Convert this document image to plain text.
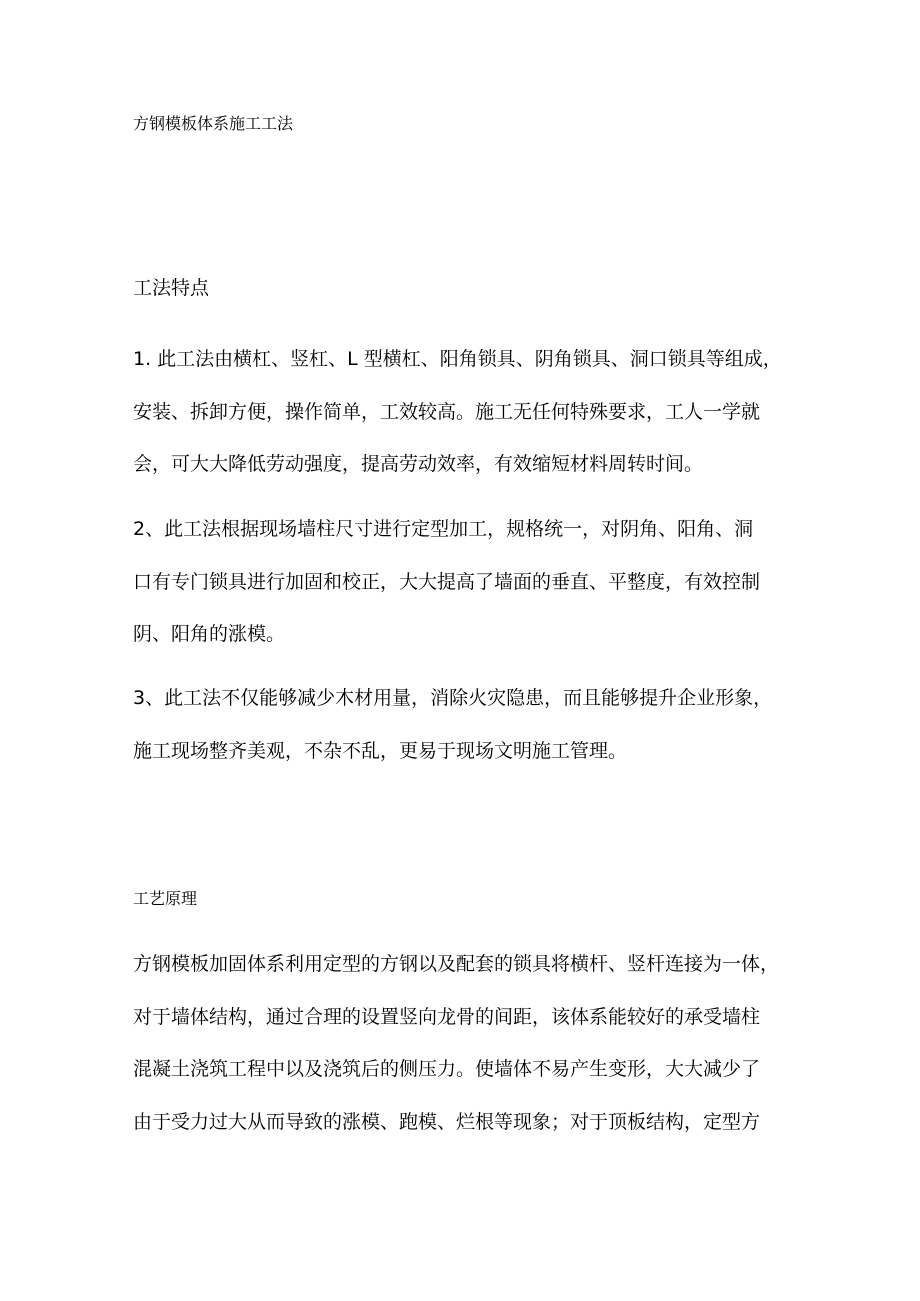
方钢模板体系施工工法
工法特点
1. 此工法由横杠、竖杠、L 型横杠、阳角锁具、阴角锁具、洞口锁具等组成，
安装、拆卸方便，操作简单，工效较高。施工无任何特殊要求，工人一学就
会，可大大降低劳动强度，提高劳动效率，有效缩短材料周转时间。
2、此工法根据现场墙柱尺寸进行定型加工，规格统一，对阴角、阳角、洞
口有专门锁具进行加固和校正，大大提高了墙面的垂直、平整度，有效控制
阴、阳角的涨模。
3、此工法不仅能够减少木材用量，消除火灾隐患，而且能够提升企业形象，
施工现场整齐美观，不杂不乱，更易于现场文明施工管理。
工艺原理
方钢模板加固体系利用定型的方钢以及配套的锁具将横杆、竖杆连接为一体，
对于墙体结构，通过合理的设置竖向龙骨的间距，该体系能较好的承受墙柱
混凝土浇筑工程中以及浇筑后的侧压力。使墙体不易产生变形，大大减少了
由于受力过大从而导致的涨模、跑模、烂根等现象；对于顶板结构，定型方
